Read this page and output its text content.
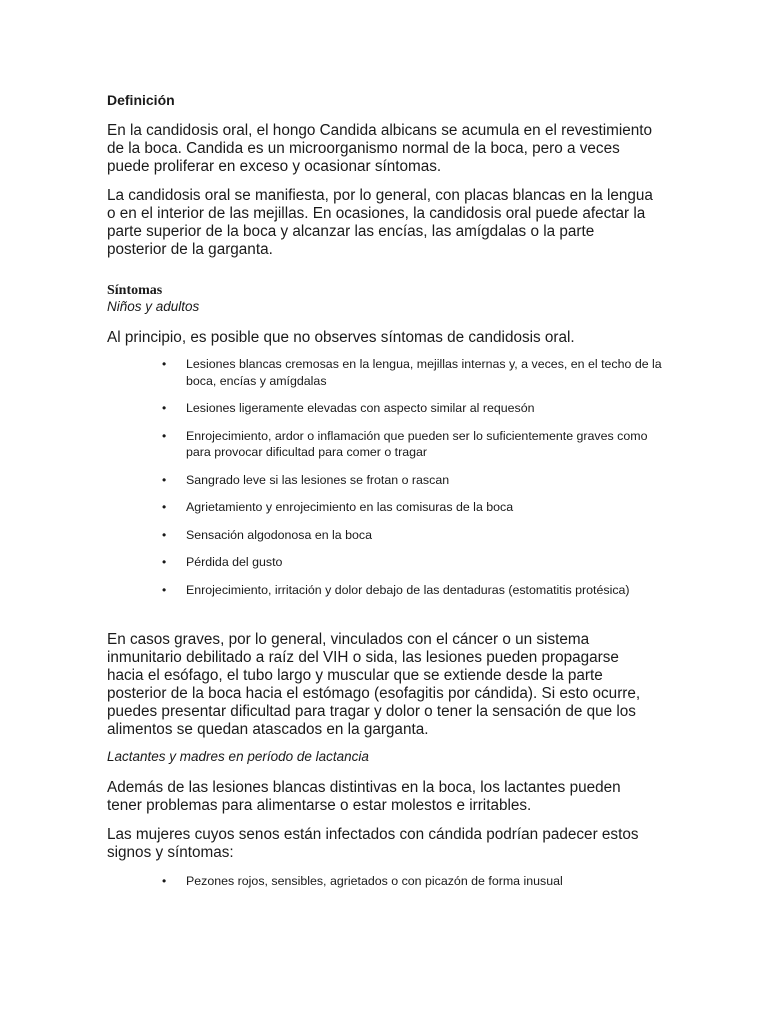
Definición

En la candidosis oral, el hongo Candida albicans se acumula en el revestimiento de la boca. Candida es un microorganismo normal de la boca, pero a veces puede proliferar en exceso y ocasionar síntomas.

La candidosis oral se manifiesta, por lo general, con placas blancas en la lengua o en el interior de las mejillas. En ocasiones, la candidosis oral puede afectar la parte superior de la boca y alcanzar las encías, las amígdalas o la parte posterior de la garganta.

Síntomas

Niños y adultos

Al principio, es posible que no observes síntomas de candidosis oral.

• Lesiones blancas cremosas en la lengua, mejillas internas y, a veces, en el techo de la boca, encías y amígdalas
• Lesiones ligeramente elevadas con aspecto similar al requesón
• Enrojecimiento, ardor o inflamación que pueden ser lo suficientemente graves como para provocar dificultad para comer o tragar
• Sangrado leve si las lesiones se frotan o rascan
• Agrietamiento y enrojecimiento en las comisuras de la boca
• Sensación algodonosa en la boca
• Pérdida del gusto
• Enrojecimiento, irritación y dolor debajo de las dentaduras (estomatitis protésica)

En casos graves, por lo general, vinculados con el cáncer o un sistema inmunitario debilitado a raíz del VIH o sida, las lesiones pueden propagarse hacia el esófago, el tubo largo y muscular que se extiende desde la parte posterior de la boca hacia el estómago (esofagitis por cándida). Si esto ocurre, puedes presentar dificultad para tragar y dolor o tener la sensación de que los alimentos se quedan atascados en la garganta.

Lactantes y madres en período de lactancia

Además de las lesiones blancas distintivas en la boca, los lactantes pueden tener problemas para alimentarse o estar molestos e irritables.

Las mujeres cuyos senos están infectados con cándida podrían padecer estos signos y síntomas:

• Pezones rojos, sensibles, agrietados o con picazón de forma inusual
